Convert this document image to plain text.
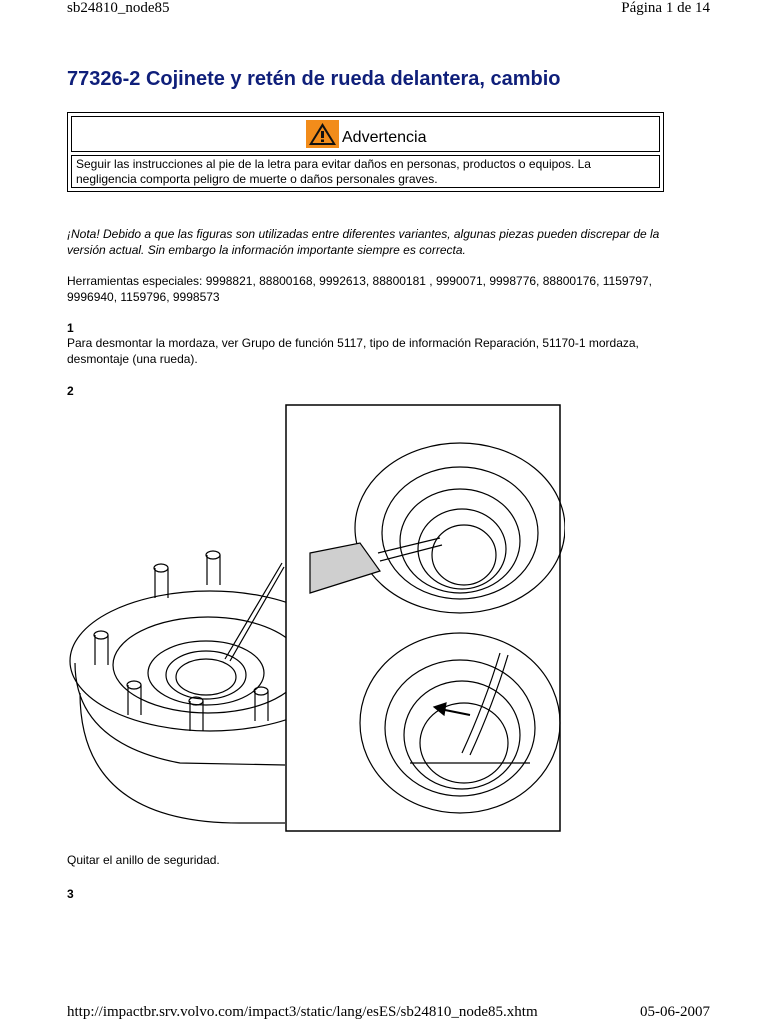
sb24810_node85	Página 1 de 14
77326-2 Cojinete y retén de rueda delantera, cambio
Advertencia
Seguir las instrucciones al pie de la letra para evitar daños en personas, productos o equipos. La negligencia comporta peligro de muerte o daños personales graves.
¡Nota! Debido a que las figuras son utilizadas entre diferentes variantes, algunas piezas pueden discrepar de la versión actual. Sin embargo la información importante siempre es correcta.
Herramientas especiales: 9998821, 88800168, 9992613, 88800181 , 9990071, 9998776, 88800176, 1159797, 9996940, 1159796, 9998573
1
Para desmontar la mordaza, ver Grupo de función 5117, tipo de información Reparación, 51170-1 mordaza, desmontaje (una rueda).
2
Quitar el anillo de seguridad.
3
http://impactbr.srv.volvo.com/impact3/static/lang/esES/sb24810_node85.xhtm	05-06-2007
